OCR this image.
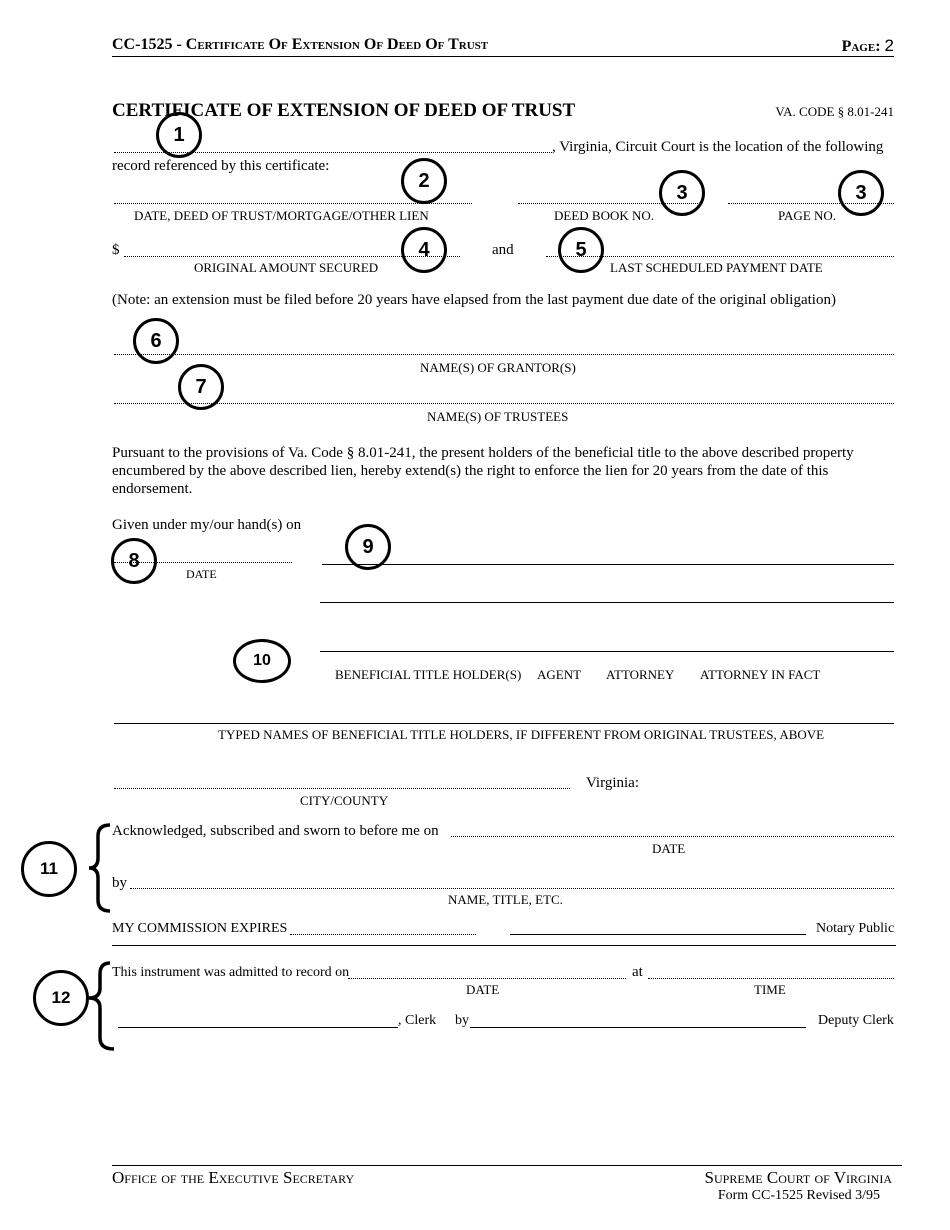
CC-1525 - Certificate Of Extension Of Deed Of Trust	Page: 2
CERTIFICATE OF EXTENSION OF DEED OF TRUST	VA. CODE § 8.01-241
, Virginia, Circuit Court is the location of the following
record referenced by this certificate:
DATE, DEED OF TRUST/MORTGAGE/OTHER LIEN	DEED BOOK NO.	PAGE NO.
$	and
ORIGINAL AMOUNT SECURED	LAST SCHEDULED PAYMENT DATE
(Note: an extension must be filed before 20 years have elapsed from the last payment due date of the original obligation)
NAME(S) OF GRANTOR(S)
NAME(S) OF TRUSTEES
Pursuant to the provisions of Va. Code § 8.01-241, the present holders of the beneficial title to the above described property encumbered by the above described lien, hereby extend(s) the right to enforce the lien for 20 years from the date of this endorsement.
Given under my/our hand(s) on
DATE
BENEFICIAL TITLE HOLDER(S) AGENT ATTORNEY ATTORNEY IN FACT
TYPED NAMES OF BENEFICIAL TITLE HOLDERS, IF DIFFERENT FROM ORIGINAL TRUSTEES, ABOVE
Virginia:
CITY/COUNTY
Acknowledged, subscribed and sworn to before me on
DATE
by
NAME, TITLE, ETC.
MY COMMISSION EXPIRES	Notary Public
This instrument was admitted to record on	at
DATE	TIME
, Clerk by	Deputy Clerk
1
2
3	3
4	5
6
7
8
9
10
11
12
Office of the Executive Secretary	Supreme Court of Virginia
Form CC-1525 Revised 3/95
